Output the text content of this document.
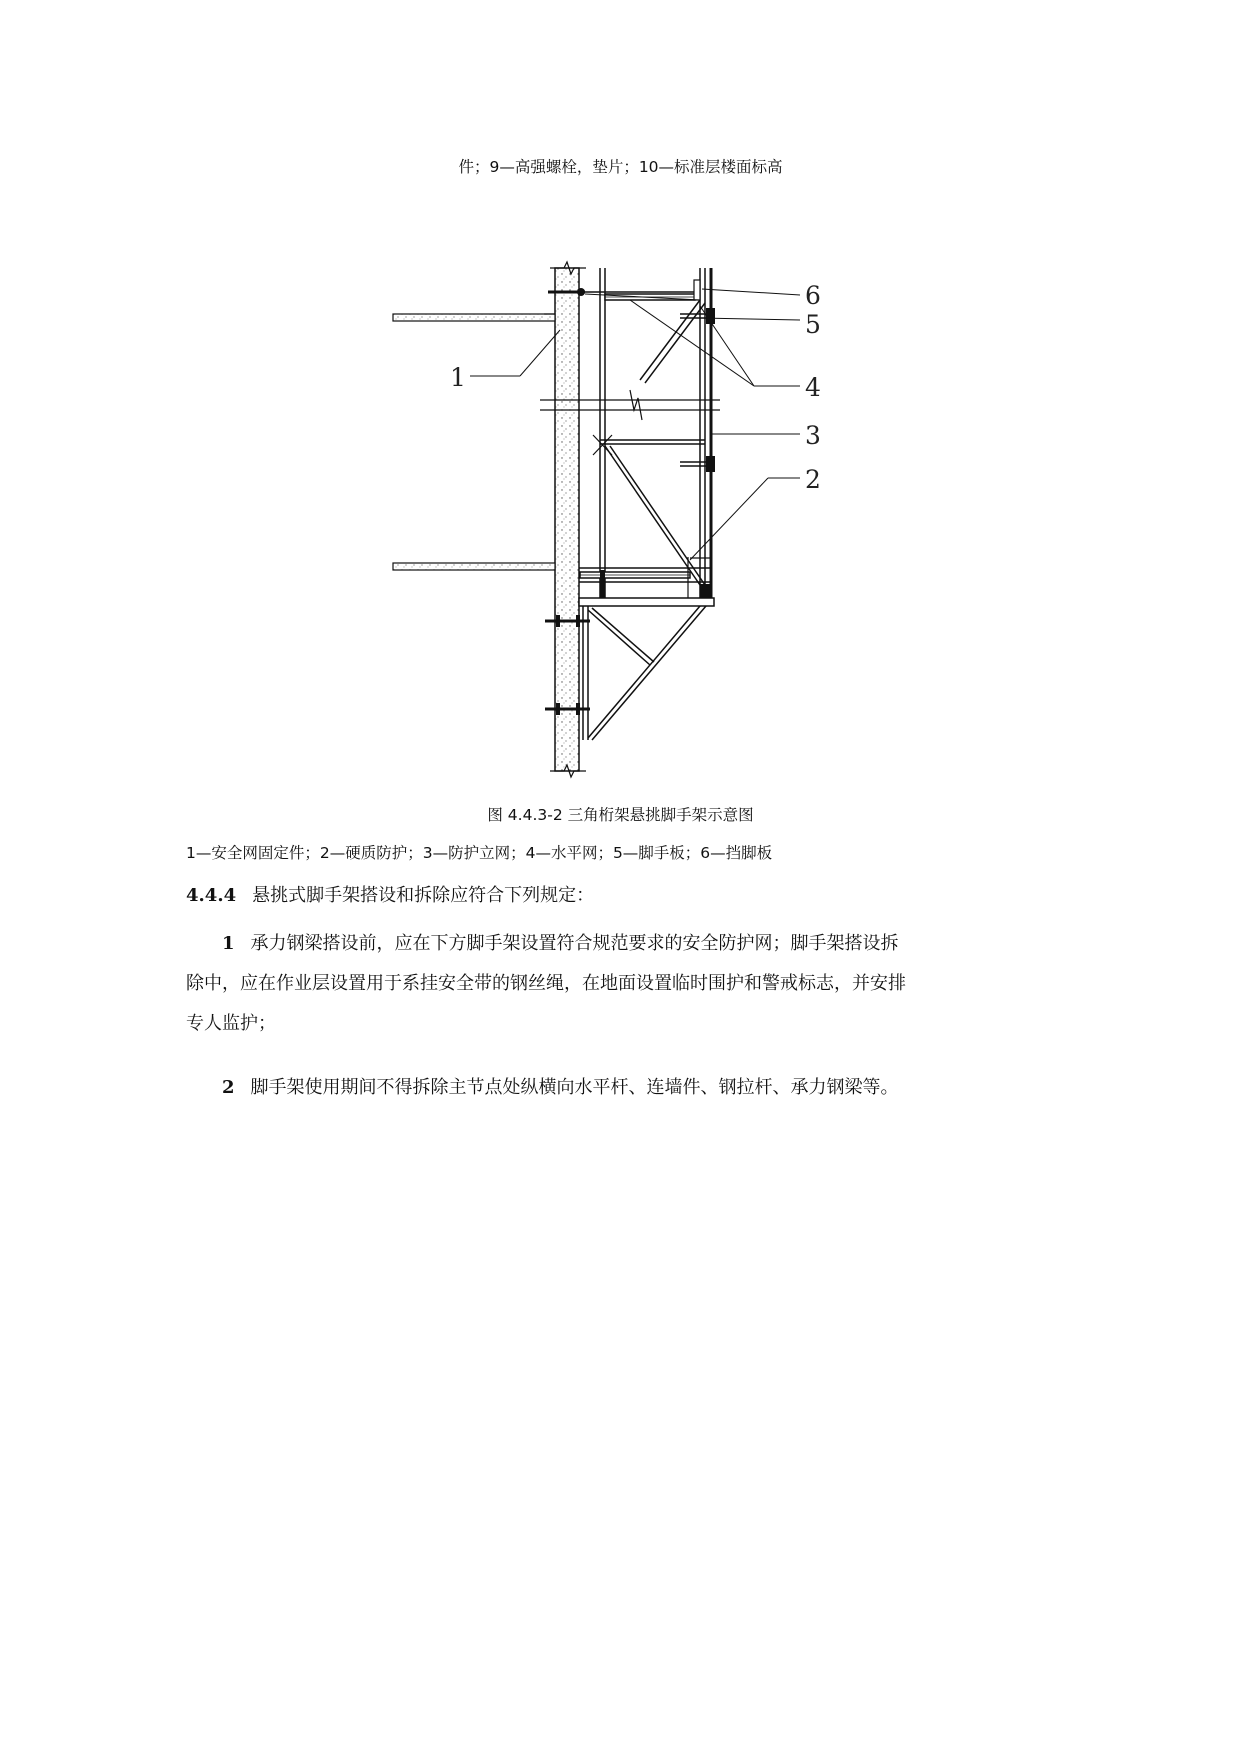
件；9—高强螺栓，垫片；10—标准层楼面标高
6
5
1	4
3
2
图 4.4.3-2 三角桁架悬挑脚手架示意图
1—安全网固定件；2—硬质防护；3—防护立网；4—水平网；5—脚手板；6—挡脚板
4.4.4 悬挑式脚手架搭设和拆除应符合下列规定：
1 承力钢梁搭设前，应在下方脚手架设置符合规范要求的安全防护网；脚手架搭设拆
除中，应在作业层设置用于系挂安全带的钢丝绳，在地面设置临时围护和警戒标志，并安排
专人监护；
2 脚手架使用期间不得拆除主节点处纵横向水平杆、连墙件、钢拉杆、承力钢梁等。
